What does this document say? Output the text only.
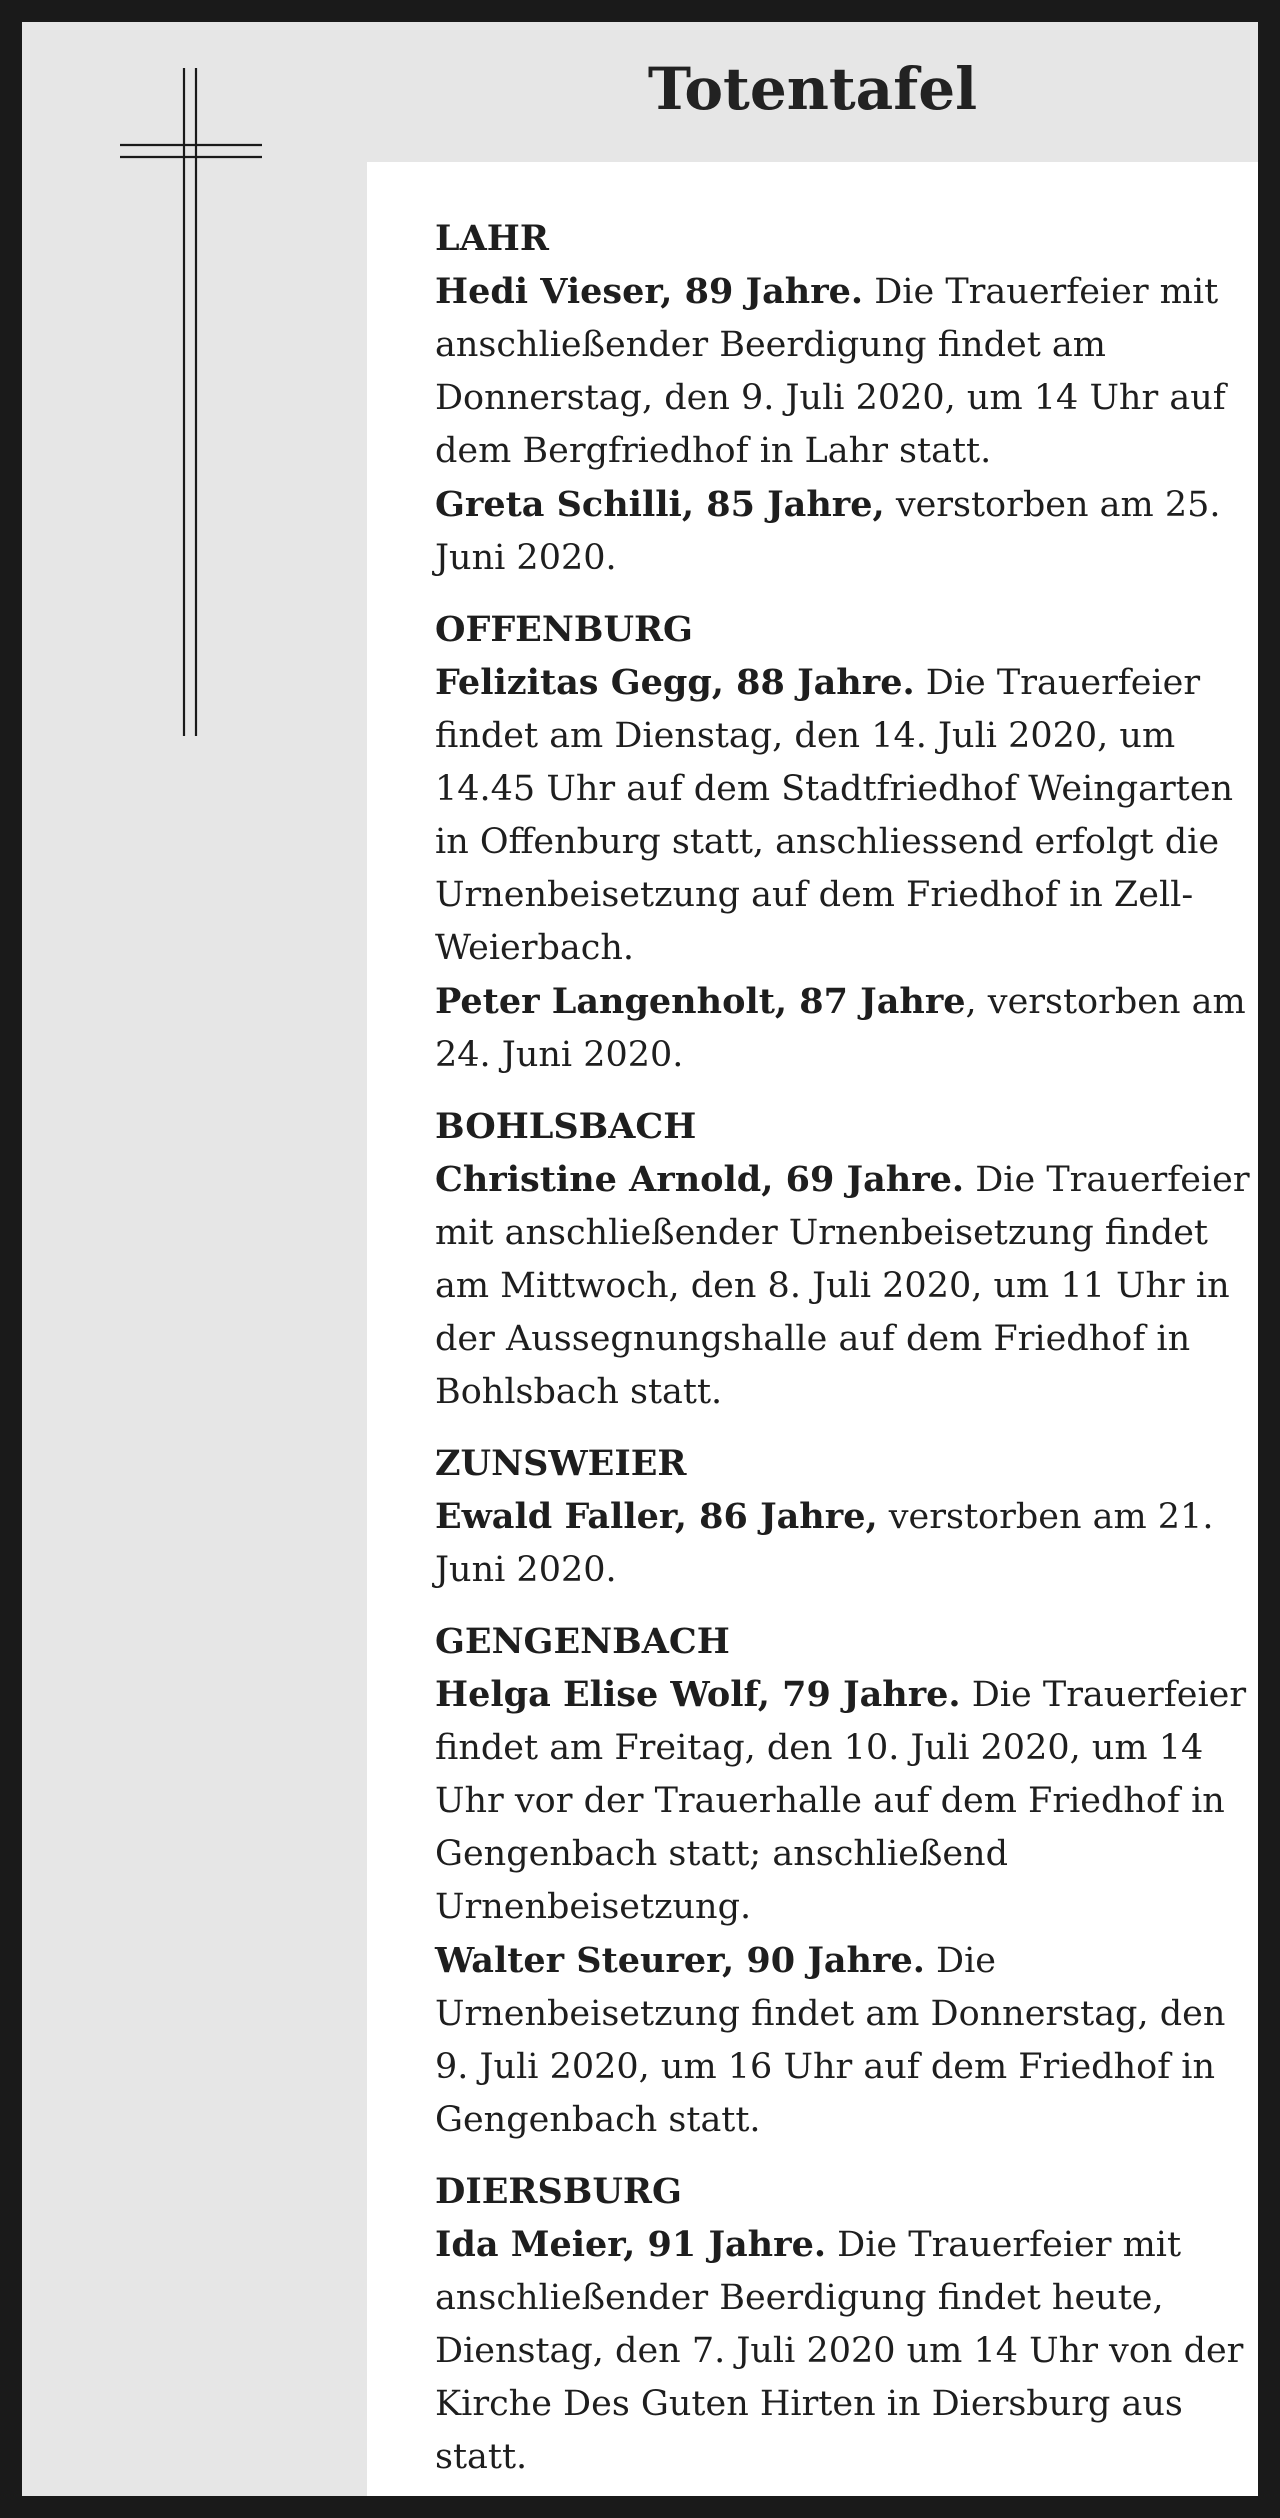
Totentafel
LAHR

Hedi Vieser, 89 Jahre. Die Trauerfeier mit anschließender Beerdigung findet am Donnerstag, den 9. Juli 2020, um 14 Uhr auf dem Bergfriedhof in Lahr statt.

Greta Schilli, 85 Jahre, verstorben am 25. Juni 2020.

OFFENBURG

Felizitas Gegg, 88 Jahre. Die Trauerfeier findet am Dienstag, den 14. Juli 2020, um 14.45 Uhr auf dem Stadtfriedhof Weingarten in Offenburg statt, anschliessend erfolgt die Urnenbeisetzung auf dem Friedhof in Zell-Weierbach.

Peter Langenholt, 87 Jahre, verstorben am 24. Juni 2020.

BOHLSBACH

Christine Arnold, 69 Jahre. Die Trauerfeier mit anschließender Urnenbeisetzung findet am Mittwoch, den 8. Juli 2020, um 11 Uhr in der Aussegnungshalle auf dem Friedhof in Bohlsbach statt.

ZUNSWEIER

Ewald Faller, 86 Jahre, verstorben am 21. Juni 2020.

GENGENBACH

Helga Elise Wolf, 79 Jahre. Die Trauerfeier findet am Freitag, den 10. Juli 2020, um 14 Uhr vor der Trauerhalle auf dem Friedhof in Gengenbach statt; anschließend Urnenbeisetzung.

Walter Steurer, 90 Jahre. Die Urnenbeisetzung findet am Donnerstag, den 9. Juli 2020, um 16 Uhr auf dem Friedhof in Gengenbach statt.

DIERSBURG

Ida Meier, 91 Jahre. Die Trauerfeier mit anschließender Beerdigung findet heute, Dienstag, den 7. Juli 2020 um 14 Uhr von der Kirche Des Guten Hirten in Diersburg aus statt.
